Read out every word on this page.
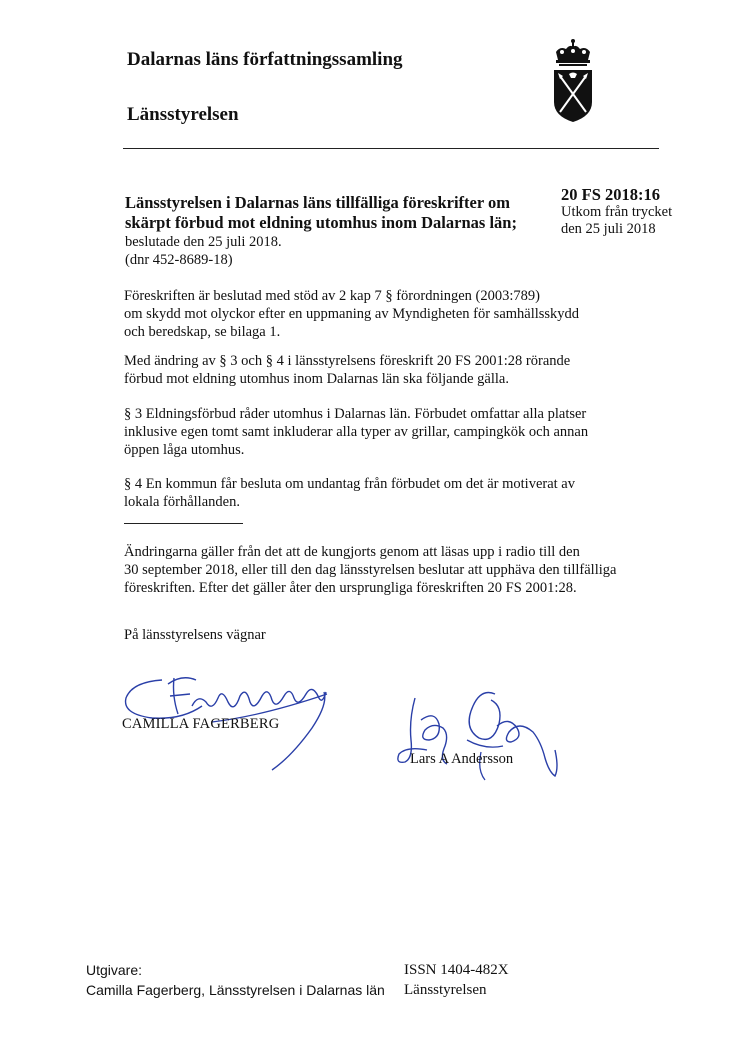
Dalarnas läns författningssamling
Länsstyrelsen
Länsstyrelsen i Dalarnas läns tillfälliga föreskrifter om
skärpt förbud mot eldning utomhus inom Dalarnas län;
beslutade den 25 juli 2018.
(dnr 452-8689-18)
20 FS 2018:16
Utkom från trycket
den 25 juli 2018
Föreskriften är beslutad med stöd av 2 kap 7 § förordningen (2003:789)
om skydd mot olyckor efter en uppmaning av Myndigheten för samhällsskydd
och beredskap, se bilaga 1.
Med ändring av § 3 och § 4 i länsstyrelsens föreskrift 20 FS 2001:28 rörande
förbud mot eldning utomhus inom Dalarnas län ska följande gälla.
§ 3 Eldningsförbud råder utomhus i Dalarnas län. Förbudet omfattar alla platser
inklusive egen tomt samt inkluderar alla typer av grillar, campingkök och annan
öppen låga utomhus.
§ 4 En kommun får besluta om undantag från förbudet om det är motiverat av
lokala förhållanden.
Ändringarna gäller från det att de kungjorts genom att läsas upp i radio till den
30 september 2018, eller till den dag länsstyrelsen beslutar att upphäva den tillfälliga
föreskriften. Efter det gäller åter den ursprungliga föreskriften 20 FS 2001:28.
På länsstyrelsens vägnar
CAMILLA FAGERBERG
Lars A Andersson
Utgivare:
Camilla Fagerberg, Länsstyrelsen i Dalarnas län
ISSN 1404-482X
Länsstyrelsen
